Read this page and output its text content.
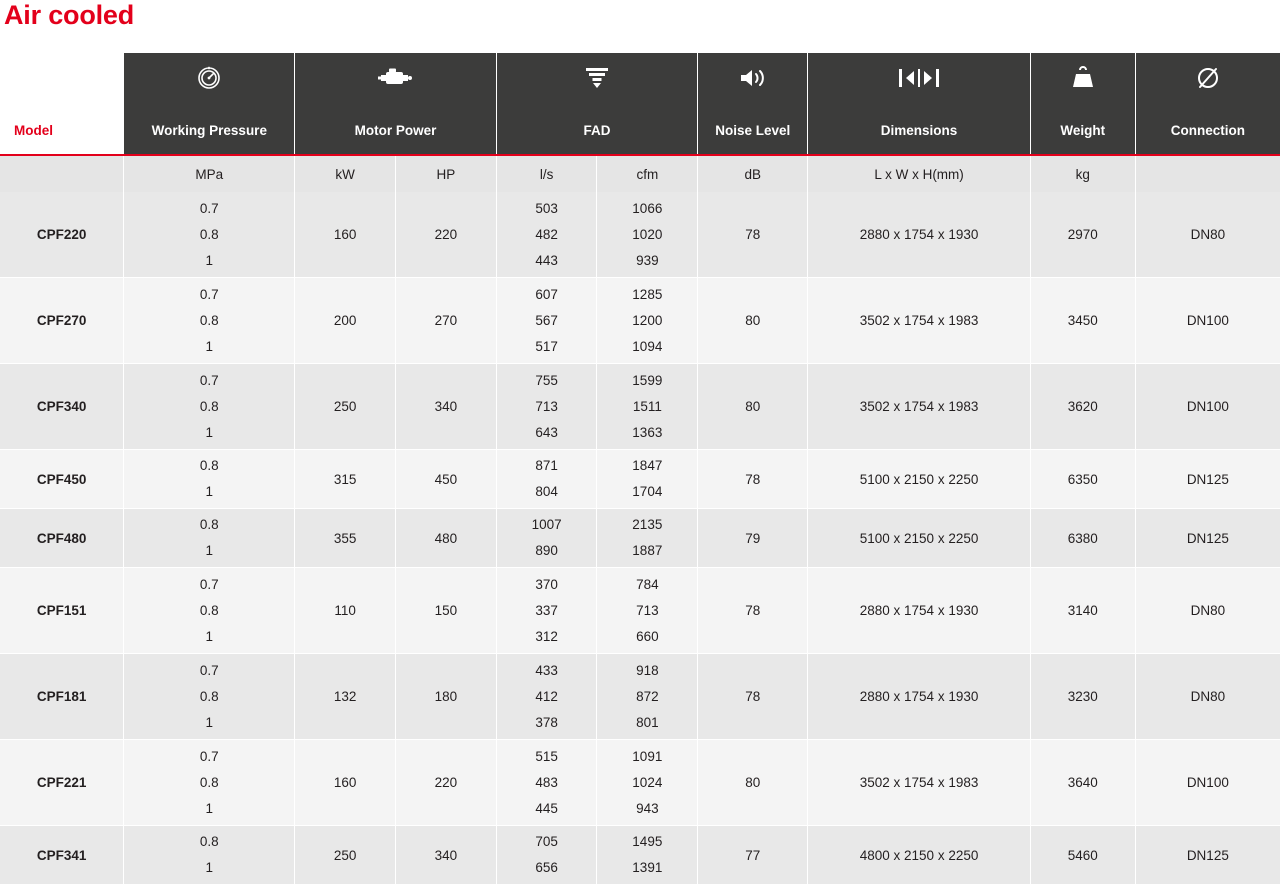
Air cooled

Model	Working Pressure	Motor Power		FAD		Noise Level	Dimensions	Weight	Connection
	MPa	kW	HP	l/s	cfm	dB	L x W x H(mm)	kg	
CPF220	0.7
0.8
1	160	220	503
482
443	1066
1020
939	78	2880 x 1754 x 1930	2970	DN80
CPF270	0.7
0.8
1	200	270	607
567
517	1285
1200
1094	80	3502 x 1754 x 1983	3450	DN100
CPF340	0.7
0.8
1	250	340	755
713
643	1599
1511
1363	80	3502 x 1754 x 1983	3620	DN100
CPF450	0.8
1	315	450	871
804	1847
1704	78	5100 x 2150 x 2250	6350	DN125
CPF480	0.8
1	355	480	1007
890	2135
1887	79	5100 x 2150 x 2250	6380	DN125
CPF151	0.7
0.8
1	110	150	370
337
312	784
713
660	78	2880 x 1754 x 1930	3140	DN80
CPF181	0.7
0.8
1	132	180	433
412
378	918
872
801	78	2880 x 1754 x 1930	3230	DN80
CPF221	0.7
0.8
1	160	220	515
483
445	1091
1024
943	80	3502 x 1754 x 1983	3640	DN100
CPF341	0.8
1	250	340	705
656	1495
1391	77	4800 x 2150 x 2250	5460	DN125
